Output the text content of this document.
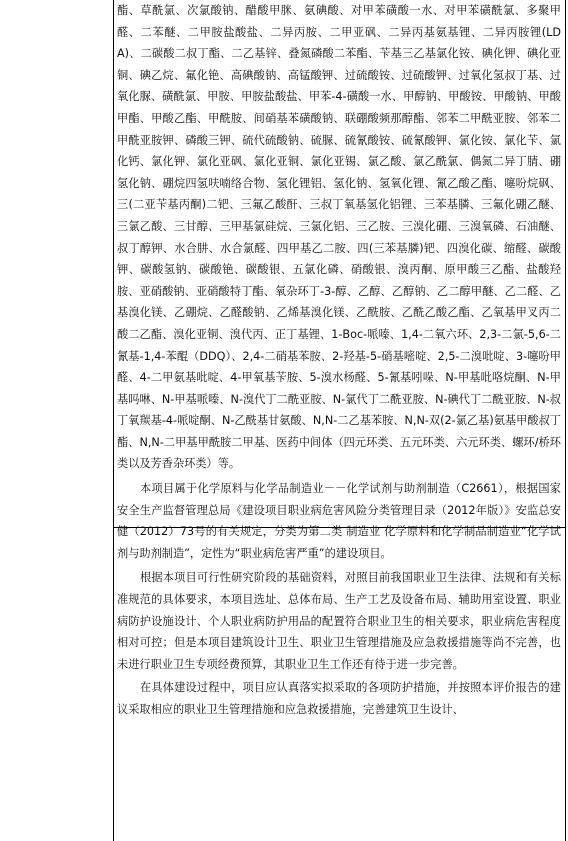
酯、草酰氯、次氯酸钠、醋酸甲脒、氨碘酸、对甲苯磺酸一水、对甲苯磺酰氯、多聚甲醛、二苯醚、二甲胺盐酸盐、二异丙胺、二甲亚砜、二异丙基氨基锂、二异丙胺锂(LDA)、二碳酸二叔丁酯、二乙基锌、叠氮磷酸二苯酯、苄基三乙基氯化铵、碘化钾、碘化亚铜、碘乙烷、氟化铯、高碘酸钠、高锰酸钾、过硫酸铵、过硫酸钾、过氧化氢叔丁基、过氧化脲、磺酰氯、甲胺、甲胺盐酸盐、甲苯-4-磺酸一水、甲醇钠、甲酸铵、甲酸钠、甲酸甲酯、甲酸乙酯、甲酰胺、间硝基苯磺酸钠、联硼酸频那醇酯、邻苯二甲酰亚胺、邻苯二甲酰亚胺钾、磷酸三钾、硫代硫酸钠、硫脲、硫氰酸铵、硫氰酸钾、氯化铵、氯化苄、氯化钙、氯化钾、氯化亚砜、氯化亚铜、氯化亚锡、氯乙酸、氯乙酰氯、偶氮二异丁腈、硼氢化钠、硼烷四氢呋喃络合物、氢化锂铝、氢化钠、氢氧化锂、氰乙酸乙酯、噻吩烷砜、三(二亚苄基丙酮)二钯、三氟乙酸酐、三叔丁氧基氢化铝锂、三苯基膦、三氟化硼乙醚、三氯乙酸、三甘醇、三甲基氯硅烷、三氯化铝、三乙胺、三溴化硼、三溴氧磷、石油醚、叔丁醇钾、水合肼、水合氯醛、四甲基乙二胺、四(三苯基膦)钯、四溴化碳、缩醛、碳酸钾、碳酸氢钠、碳酸铯、碳酸银、五氯化磷、硝酸银、溴丙酮、原甲酸三乙酯、盐酸羟胺、亚硝酸钠、亚硝酸特丁酯、氧杂环丁-3-醇、乙醇、乙醇钠、乙二醇甲醚、乙二醛、乙基溴化镁、乙硼烷、乙醛酸钠、乙烯基溴化镁、乙酰胺、乙酰乙酸乙酯、乙氧基甲叉丙二酸二乙酯、溴化亚铜、溴代丙、正丁基锂、1-Boc-哌嗪、1,4-二氧六环、2,3-二氯-5,6-二氰基-1,4-苯醌（DDQ）、2,4-二硝基苯胺、2-羟基-5-硝基嘧啶、2,5-二溴吡啶、3-噻吩甲醛、4-二甲氨基吡啶、4-甲氧基苄胺、5-溴水杨醛、5-氰基吲哚、N-甲基吡咯烷酮、N-甲基吗啉、N-甲基哌嗪、N-溴代丁二酰亚胺、N-氯代丁二酰亚胺、N-碘代丁二酰亚胺、N-叔丁氧羰基-4-哌啶酮、N-乙酰基甘氨酸、N,N-二乙基苯胺、N,N-双(2-氯乙基)氨基甲酸叔丁酯、N,N-二甲基甲酰胺二甲基、医药中间体（四元环类、五元环类、六元环类、螺环/桥环类以及芳香杂环类）等。

本项目属于化学原料与化学品制造业－－化学试剂与助剂制造（C2661），根据国家安全生产监督管理总局《建设项目职业病危害风险分类管理目录（2012年版）》安监总安健（2012）73号的有关规定，分类为第二类 制造业 化学原料和化学制品制造业“化学试剂与助剂制造”，定性为“职业病危害严重”的建设项目。

根据本项目可行性研究阶段的基础资料，对照目前我国职业卫生法律、法规和有关标准规范的具体要求，本项目选址、总体布局、生产工艺及设备布局、辅助用室设置、职业病防护设施设计、个人职业病防护用品的配置符合职业卫生的相关要求，职业病危害程度相对可控；但是本项目建筑设计卫生、职业卫生管理措施及应急救援措施等尚不完善，也未进行职业卫生专项经费预算，其职业卫生工作还有待于进一步完善。

在具体建设过程中，项目应认真落实拟采取的各项防护措施，并按照本评价报告的建议采取相应的职业卫生管理措施和应急救援措施，完善建筑卫生设计、
